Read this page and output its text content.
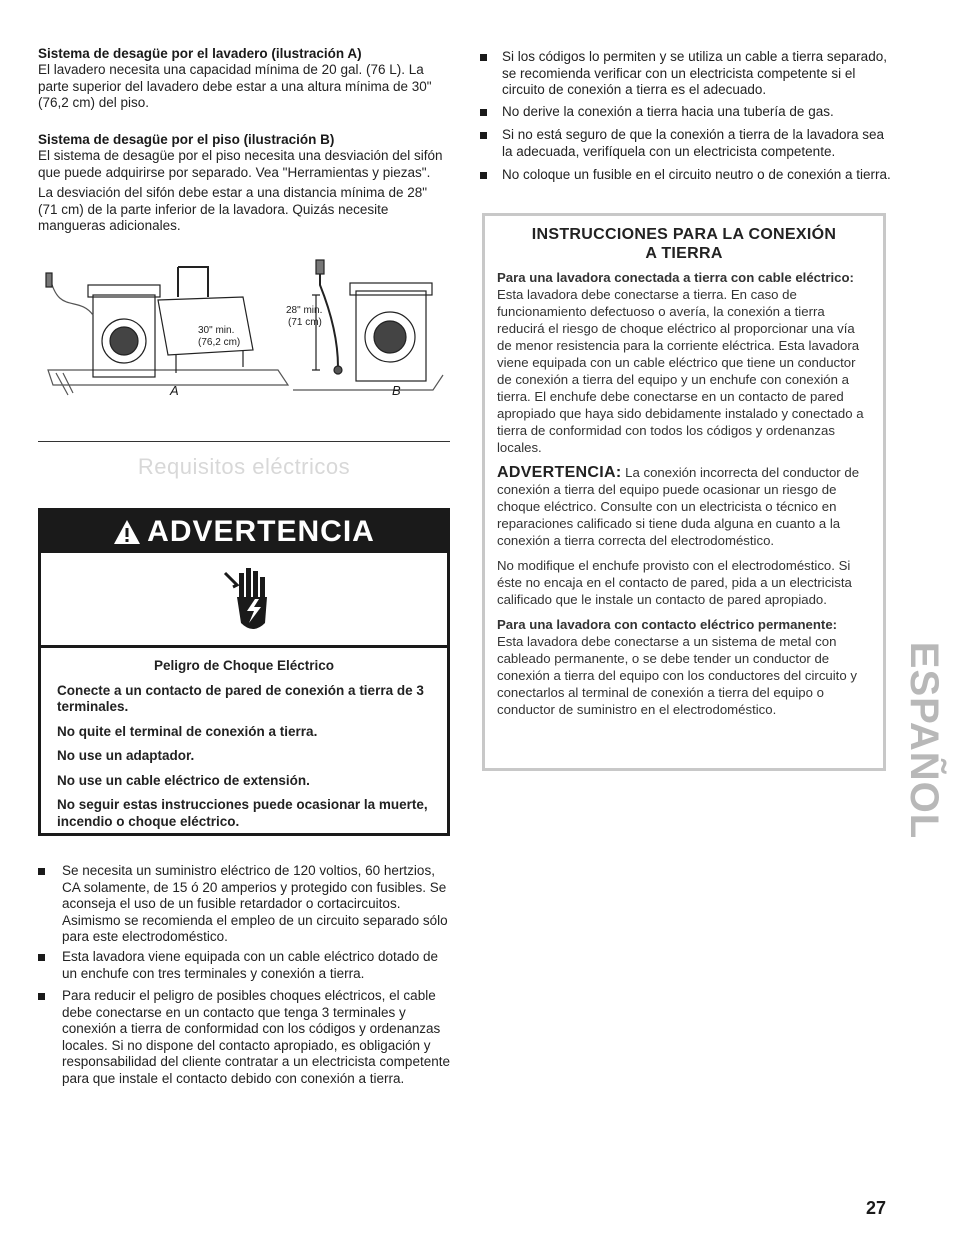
Sistema de desagüe por el lavadero (ilustración A)

El lavadero necesita una capacidad mínima de 20 gal. (76 L). La parte superior del lavadero debe estar a una altura mínima de 30" (76,2 cm) del piso.

Sistema de desagüe por el piso (ilustración B)

El sistema de desagüe por el piso necesita una desviación del sifón que puede adquirirse por separado. Vea "Herramientas y piezas".

La desviación del sifón debe estar a una distancia mínima de 28" (71 cm) de la parte inferior de la lavadora. Quizás necesite mangueras adicionales.

30" min.
(76,2 cm)
28" min.
(71 cm)
A	B
Requisitos eléctricos
ADVERTENCIA

Peligro de Choque Eléctrico

Conecte a un contacto de pared de conexión a tierra de 3 terminales.

No quite el terminal de conexión a tierra.

No use un adaptador.

No use un cable eléctrico de extensión.

No seguir estas instrucciones puede ocasionar la muerte, incendio o choque eléctrico.

Se necesita un suministro eléctrico de 120 voltios, 60 hertzios, CA solamente, de 15 ó 20 amperios y protegido con fusibles. Se aconseja el uso de un fusible retardador o cortacircuitos. Asimismo se recomienda el empleo de un circuito separado sólo para este electrodoméstico.
Esta lavadora viene equipada con un cable eléctrico dotado de un enchufe con tres terminales y conexión a tierra.
Para reducir el peligro de posibles choques eléctricos, el cable debe conectarse en un contacto que tenga 3 terminales y conexión a tierra de conformidad con los códigos y ordenanzas locales. Si no dispone del contacto apropiado, es obligación y responsabilidad del cliente contratar a un electricista competente para que instale el contacto debido con conexión a tierra.
Si los códigos lo permiten y se utiliza un cable a tierra separado, se recomienda verificar con un electricista competente si el circuito de conexión a tierra es el adecuado.
No derive la conexión a tierra hacia una tubería de gas.
Si no está seguro de que la conexión a tierra de la lavadora sea la adecuada, verifíquela con un electricista competente.
No coloque un fusible en el circuito neutro o de conexión a tierra.
INSTRUCCIONES PARA LA CONEXIÓN
A TIERRA

Para una lavadora conectada a tierra con cable eléctrico:

Esta lavadora debe conectarse a tierra. En caso de funcionamiento defectuoso o avería, la conexión a tierra reducirá el riesgo de choque eléctrico al proporcionar una vía de menor resistencia para la corriente eléctrica. Esta lavadora viene equipada con un cable eléctrico que tiene un conductor de conexión a tierra del equipo y un enchufe con conexión a tierra. El enchufe debe conectarse en un contacto de pared apropiado que haya sido debidamente instalado y conectado a tierra de conformidad con todos los códigos y ordenanzas locales.

ADVERTENCIA: La conexión incorrecta del conductor de conexión a tierra del equipo puede ocasionar un riesgo de choque eléctrico. Consulte con un electricista o técnico en reparaciones calificado si tiene duda alguna en cuanto a la conexión a tierra correcta del electrodoméstico.

No modifique el enchufe provisto con el electrodoméstico. Si éste no encaja en el contacto de pared, pida a un electricista calificado que le instale un contacto de pared apropiado.

Para una lavadora con contacto eléctrico permanente:

Esta lavadora debe conectarse a un sistema de metal con cableado permanente, o se debe tender un conductor de conexión a tierra del equipo con los conductores del circuito y conectarlos al terminal de conexión a tierra del equipo o conductor de suministro en el electrodoméstico.	ESPAÑOL
27
